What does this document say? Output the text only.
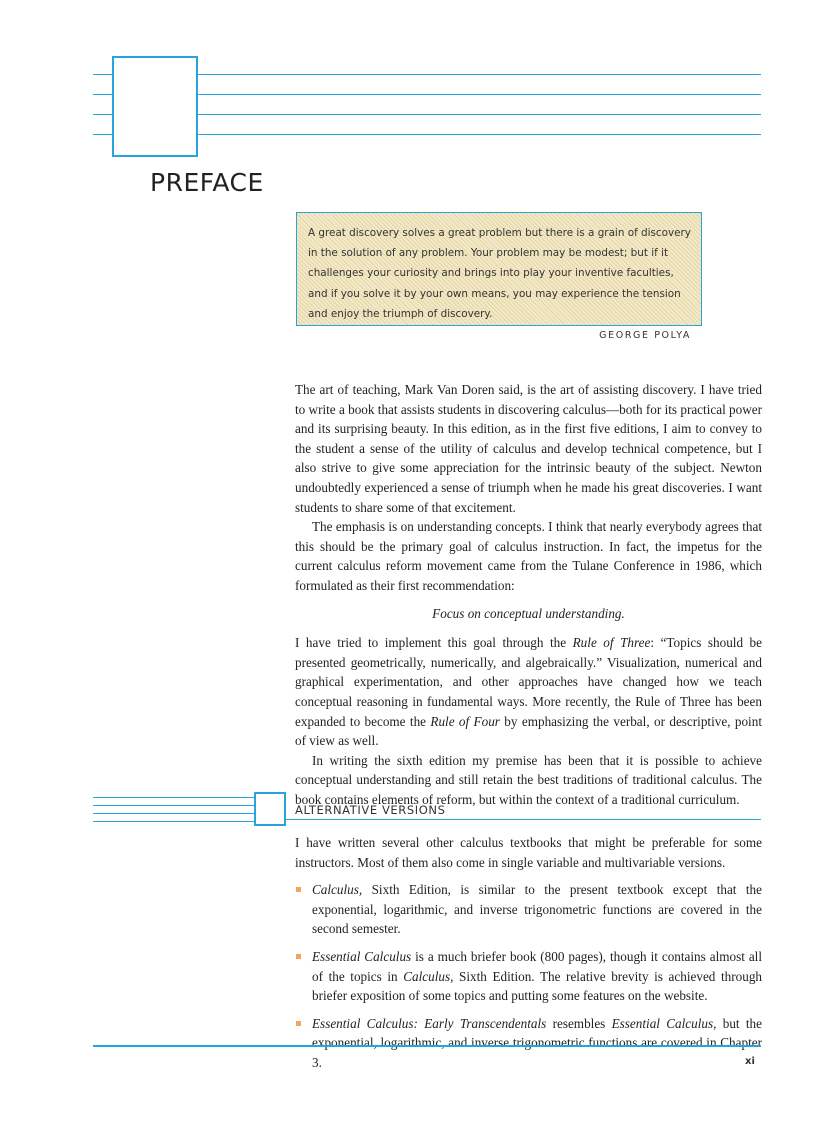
PREFACE

A great discovery solves a great problem but there is a grain of discovery in the solution of any problem. Your problem may be modest; but if it challenges your curiosity and brings into play your inventive faculties, and if you solve it by your own means, you may experience the tension and enjoy the triumph of discovery.

GEORGE POLYA

The art of teaching, Mark Van Doren said, is the art of assisting discovery. I have tried to write a book that assists students in discovering calculus—both for its practical power and its surprising beauty. In this edition, as in the first five editions, I aim to convey to the student a sense of the utility of calculus and develop technical competence, but I also strive to give some appreciation for the intrinsic beauty of the subject. Newton undoubtedly experienced a sense of triumph when he made his great discoveries. I want students to share some of that excitement.

The emphasis is on understanding concepts. I think that nearly everybody agrees that this should be the primary goal of calculus instruction. In fact, the impetus for the current calculus reform movement came from the Tulane Conference in 1986, which formulated as their first recommendation:

Focus on conceptual understanding.

I have tried to implement this goal through the Rule of Three: “Topics should be presented geometrically, numerically, and algebraically.” Visualization, numerical and graphical experimentation, and other approaches have changed how we teach conceptual reasoning in fundamental ways. More recently, the Rule of Three has been expanded to become the Rule of Four by emphasizing the verbal, or descriptive, point of view as well.

In writing the sixth edition my premise has been that it is possible to achieve conceptual understanding and still retain the best traditions of traditional calculus. The book contains elements of reform, but within the context of a traditional curriculum.

ALTERNATIVE VERSIONS

I have written several other calculus textbooks that might be preferable for some instructors. Most of them also come in single variable and multivariable versions.

Calculus, Sixth Edition, is similar to the present textbook except that the exponential, logarithmic, and inverse trigonometric functions are covered in the second semester.
Essential Calculus is a much briefer book (800 pages), though it contains almost all of the topics in Calculus, Sixth Edition. The relative brevity is achieved through briefer exposition of some topics and putting some features on the website.
Essential Calculus: Early Transcendentals resembles Essential Calculus, but the exponential, logarithmic, and inverse trigonometric functions are covered in Chapter 3.	xi
